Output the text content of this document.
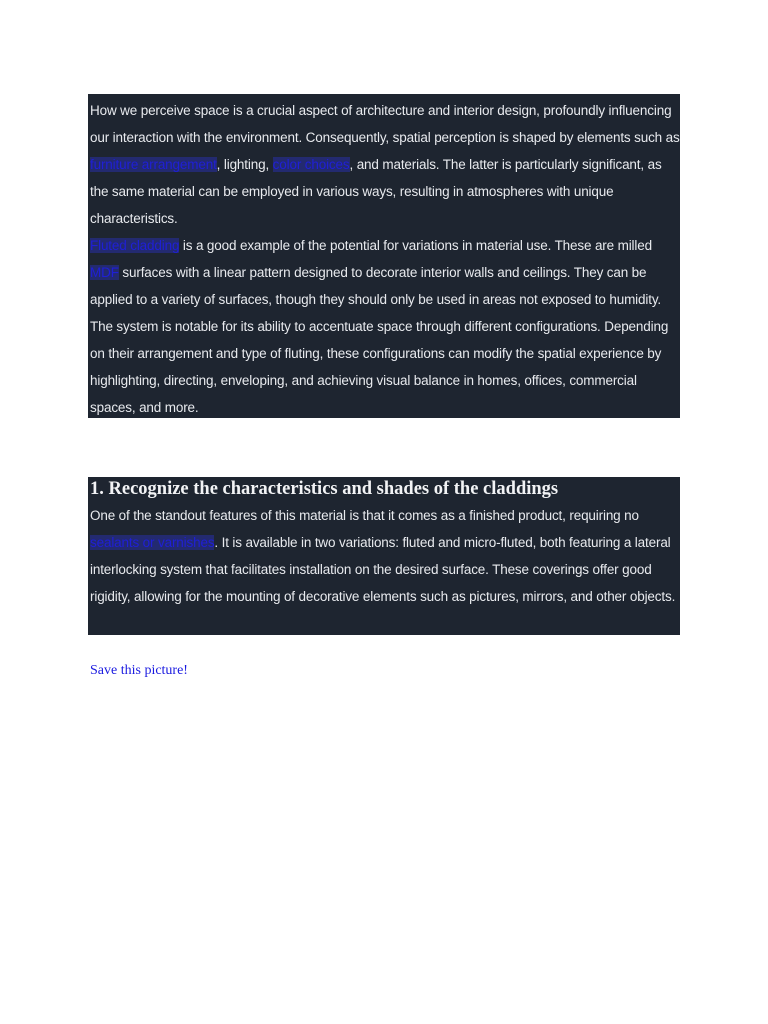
How we perceive space is a crucial aspect of architecture and interior design, profoundly influencing our interaction with the environment. Consequently, spatial perception is shaped by elements such as furniture arrangement, lighting, color choices, and materials. The latter is particularly significant, as the same material can be employed in various ways, resulting in atmospheres with unique characteristics.

Fluted cladding is a good example of the potential for variations in material use. These are milled MDF surfaces with a linear pattern designed to decorate interior walls and ceilings. They can be applied to a variety of surfaces, though they should only be used in areas not exposed to humidity. The system is notable for its ability to accentuate space through different configurations. Depending on their arrangement and type of fluting, these configurations can modify the spatial experience by highlighting, directing, enveloping, and achieving visual balance in homes, offices, commercial spaces, and more.

1. Recognize the characteristics and shades of the claddings

One of the standout features of this material is that it comes as a finished product, requiring no sealants or varnishes. It is available in two variations: fluted and micro-fluted, both featuring a lateral interlocking system that facilitates installation on the desired surface. These coverings offer good rigidity, allowing for the mounting of decorative elements such as pictures, mirrors, and other objects.

Save this picture!
